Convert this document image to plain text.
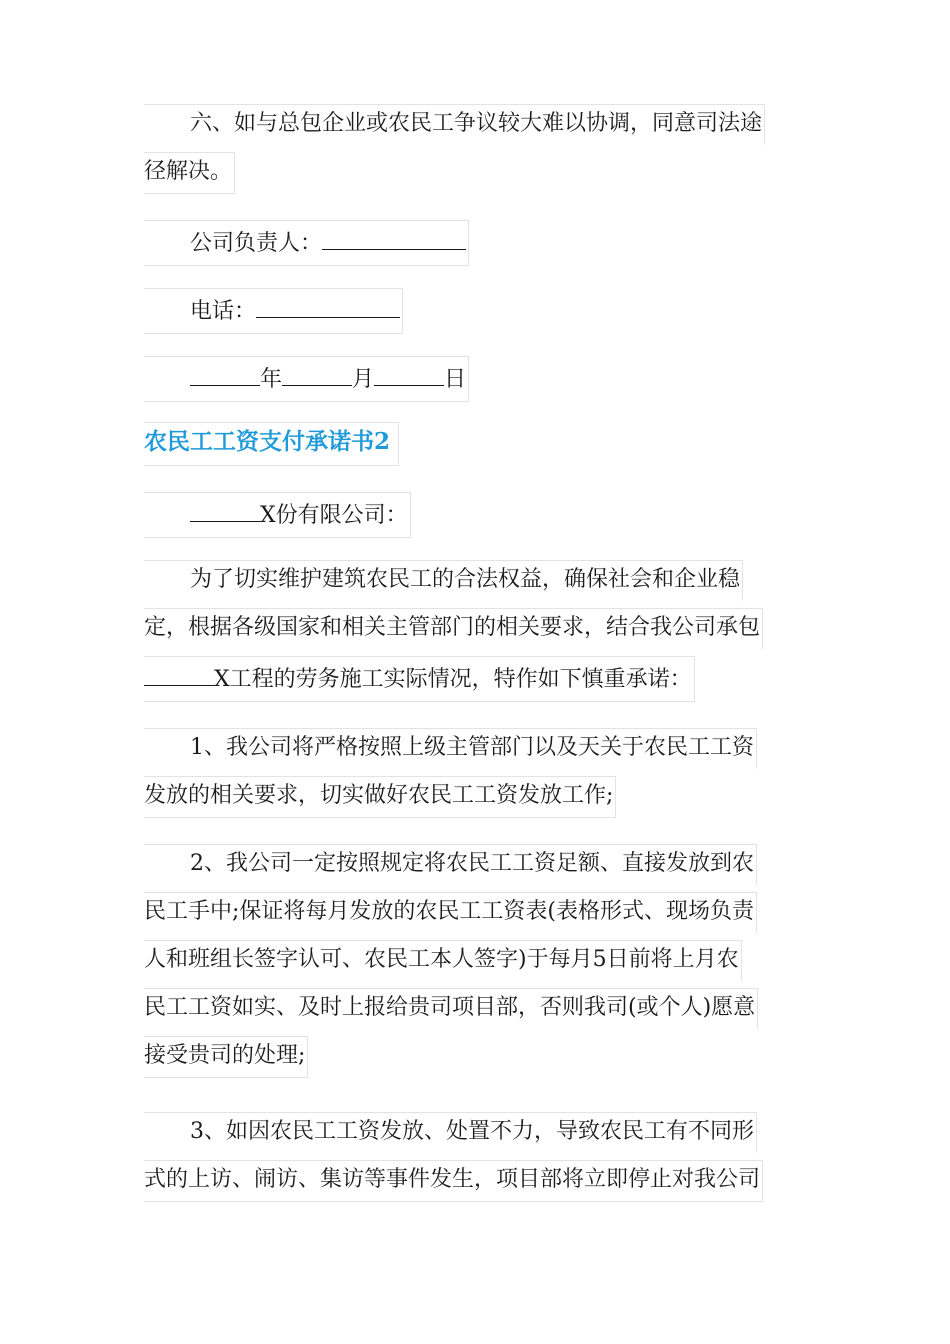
六、如与总包企业或农民工争议较大难以协调，同意司法途
径解决。
公司负责人：
电话：
年	月	日
农民工工资支付承诺书2
X份有限公司：
为了切实维护建筑农民工的合法权益，确保社会和企业稳
定，根据各级国家和相关主管部门的相关要求，结合我公司承包
X工程的劳务施工实际情况，特作如下慎重承诺：
1、我公司将严格按照上级主管部门以及天关于农民工工资
发放的相关要求，切实做好农民工工资发放工作;
2、我公司一定按照规定将农民工工资足额、直接发放到农
民工手中;保证将每月发放的农民工工资表(表格形式、现场负责
人和班组长签字认可、农民工本人签字)于每月5日前将上月农
民工工资如实、及时上报给贵司项目部，否则我司(或个人)愿意
接受贵司的处理;
3、如因农民工工资发放、处置不力，导致农民工有不同形
式的上访、闹访、集访等事件发生，项目部将立即停止对我公司
